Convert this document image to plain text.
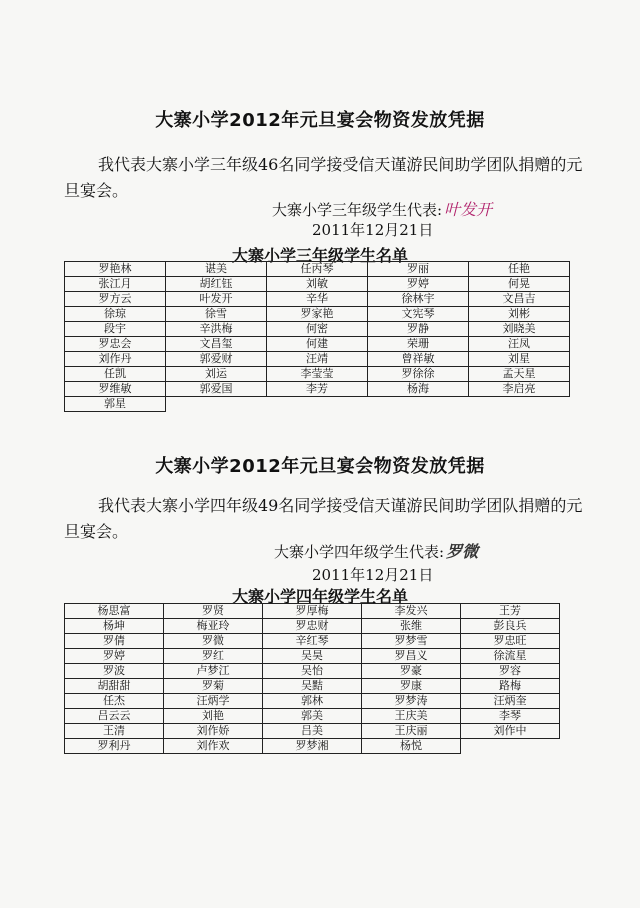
大寨小学2012年元旦宴会物资发放凭据
我代表大寨小学三年级46名同学接受信天谨游民间助学团队捐赠的元旦宴会。
大寨小学三年级学生代表: 叶发开
2011年12月21日
大寨小学三年级学生名单
罗艳林	谌美	任丙琴	罗丽	任艳
张江月	胡红钰	刘敏	罗婷	何晃
罗方云	叶发开	辛华	徐林宇	文昌吉
徐琼	徐雪	罗家艳	文宪琴	刘彬
段宇	辛洪梅	何密	罗静	刘晓美
罗忠会	文昌玺	何建	荣珊	汪凤
刘作丹	郭爱财	汪靖	曾祥敏	刘星
任凯	刘运	李莹莹	罗徐徐	孟天星
罗维敏	郭爱国	李芳	杨海	李启亮
郭星				
大寨小学2012年元旦宴会物资发放凭据
我代表大寨小学四年级49名同学接受信天谨游民间助学团队捐赠的元旦宴会。
大寨小学四年级学生代表: 罗微
2011年12月21日
大寨小学四年级学生名单
杨思富	罗贤	罗厚梅	李发兴	王芳
杨坤	梅亚玲	罗忠财	张维	彭良兵
罗倩	罗微	辛红琴	罗梦雪	罗忠旺
罗婷	罗红	吴昊	罗昌义	徐流星
罗波	卢梦江	吴怡	罗豪	罗容
胡甜甜	罗菊	吴黠	罗康	路梅
任杰	汪炳学	郭林	罗梦涛	汪炳奎
吕云云	刘艳	郭美	王庆美	李琴
王清	刘作娇	吕美	王庆丽	刘作中
罗利丹	刘作欢	罗梦湘	杨悦	
